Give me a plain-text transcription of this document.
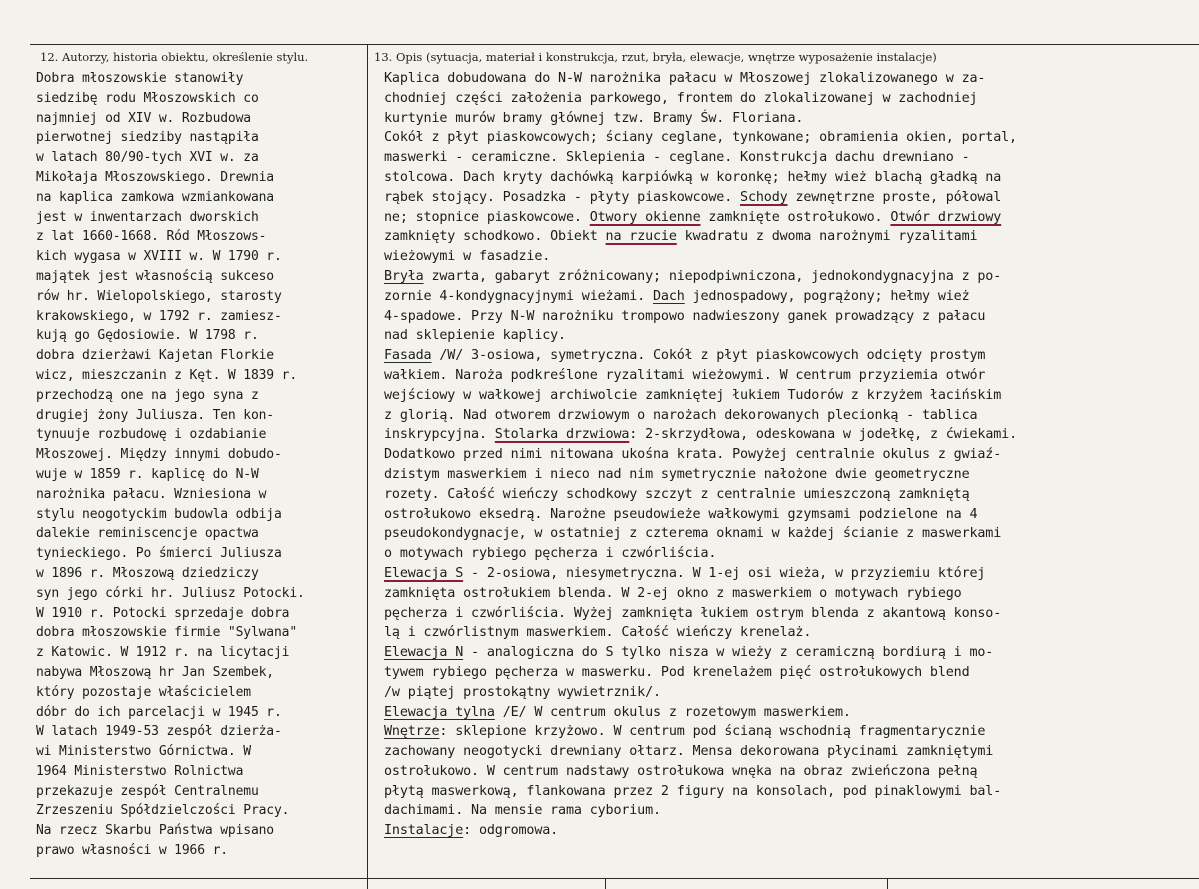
12. Autorzy, historia obiektu, określenie stylu.	13. Opis (sytuacja, materiał i konstrukcja, rzut, bryła, elewacje, wnętrze wyposażenie instalacje)
Dobra młoszowskie stanowiły
siedzibę rodu Młoszowskich co
najmniej od XIV w. Rozbudowa
pierwotnej siedziby nastąpiła
w latach 80/90-tych XVI w. za
Mikołaja Młoszowskiego. Drewnia
na kaplica zamkowa wzmiankowana
jest w inwentarzach dworskich
z lat 1660-1668. Ród Młoszows-
kich wygasa w XVIII w. W 1790 r.
majątek jest własnością sukceso
rów hr. Wielopolskiego, starosty
krakowskiego, w 1792 r. zamiesz-
kują go Gędosiowie. W 1798 r.
dobra dzierżawi Kajetan Florkie
wicz, mieszczanin z Kęt. W 1839 r.
przechodzą one na jego syna z
drugiej żony Juliusza. Ten kon-
tynuuje rozbudowę i ozdabianie
Młoszowej. Między innymi dobudo-
wuje w 1859 r. kaplicę do N-W
narożnika pałacu. Wzniesiona w
stylu neogotyckim budowla odbija
dalekie reminiscencje opactwa
tynieckiego. Po śmierci Juliusza
w 1896 r. Młoszową dziedziczy
syn jego córki hr. Juliusz Potocki.
W 1910 r. Potocki sprzedaje dobra
dobra młoszowskie firmie "Sylwana"
z Katowic. W 1912 r. na licytacji
nabywa Młoszową hr Jan Szembek,
który pozostaje właścicielem
dóbr do ich parcelacji w 1945 r.
W latach 1949-53 zespół dzierża-
wi Ministerstwo Górnictwa. W
1964 Ministerstwo Rolnictwa
przekazuje zespół Centralnemu
Zrzeszeniu Spółdzielczości Pracy.
Na rzecz Skarbu Państwa wpisano
prawo własności w 1966 r.
Kaplica dobudowana do N-W narożnika pałacu w Młoszowej zlokalizowanego w za-
chodniej części założenia parkowego, frontem do zlokalizowanej w zachodniej
kurtynie murów bramy głównej tzw. Bramy Św. Floriana.
Cokół z płyt piaskowcowych; ściany ceglane, tynkowane; obramienia okien, portal,
maswerki - ceramiczne. Sklepienia - ceglane. Konstrukcja dachu drewniano -
stolcowa. Dach kryty dachówką karpiówką w koronkę; hełmy wież blachą gładką na
rąbek stojący. Posadzka - płyty piaskowcowe. Schody zewnętrzne proste, półowal
ne; stopnice piaskowcowe. Otwory okienne zamknięte ostrołukowo. Otwór drzwiowy
zamknięty schodkowo. Obiekt na rzucie kwadratu z dwoma narożnymi ryzalitami
wieżowymi w fasadzie.
Bryła zwarta, gabaryt zróżnicowany; niepodpiwniczona, jednokondygnacyjna z po-
zornie 4-kondygnacyjnymi wieżami. Dach jednospadowy, pogrążony; hełmy wież
4-spadowe. Przy N-W narożniku trompowo nadwieszony ganek prowadzący z pałacu
nad sklepienie kaplicy.
Fasada /W/ 3-osiowa, symetryczna. Cokół z płyt piaskowcowych odcięty prostym
wałkiem. Naroża podkreślone ryzalitami wieżowymi. W centrum przyziemia otwór
wejściowy w wałkowej archiwolcie zamkniętej łukiem Tudorów z krzyżem łacińskim
z glorią. Nad otworem drzwiowym o narożach dekorowanych plecionką - tablica
inskrypcyjna. Stolarka drzwiowa: 2-skrzydłowa, odeskowana w jodełkę, z ćwiekami.
Dodatkowo przed nimi nitowana ukośna krata. Powyżej centralnie okulus z gwiaź-
dzistym maswerkiem i nieco nad nim symetrycznie nałożone dwie geometryczne
rozety. Całość wieńczy schodkowy szczyt z centralnie umieszczoną zamkniętą
ostrołukowo eksedrą. Narożne pseudowieże wałkowymi gzymsami podzielone na 4
pseudokondygnacje, w ostatniej z czterema oknami w każdej ścianie z maswerkami
o motywach rybiego pęcherza i czwórliścia.
Elewacja S - 2-osiowa, niesymetryczna. W 1-ej osi wieża, w przyziemiu której
zamknięta ostrołukiem blenda. W 2-ej okno z maswerkiem o motywach rybiego
pęcherza i czwórliścia. Wyżej zamknięta łukiem ostrym blenda z akantową konso-
lą i czwórlistnym maswerkiem. Całość wieńczy krenelaż.
Elewacja N - analogiczna do S tylko nisza w wieży z ceramiczną bordiurą i mo-
tywem rybiego pęcherza w maswerku. Pod krenelażem pięć ostrołukowych blend
/w piątej prostokątny wywietrznik/.
Elewacja tylna /E/ W centrum okulus z rozetowym maswerkiem.
Wnętrze: sklepione krzyżowo. W centrum pod ścianą wschodnią fragmentarycznie
zachowany neogotycki drewniany ołtarz. Mensa dekorowana płycinami zamkniętymi
ostrołukowo. W centrum nadstawy ostrołukowa wnęka na obraz zwieńczona pełną
płytą maswerkową, flankowana przez 2 figury na konsolach, pod pinaklowymi bal-
dachimami. Na mensie rama cyborium.
Instalacje: odgromowa.
